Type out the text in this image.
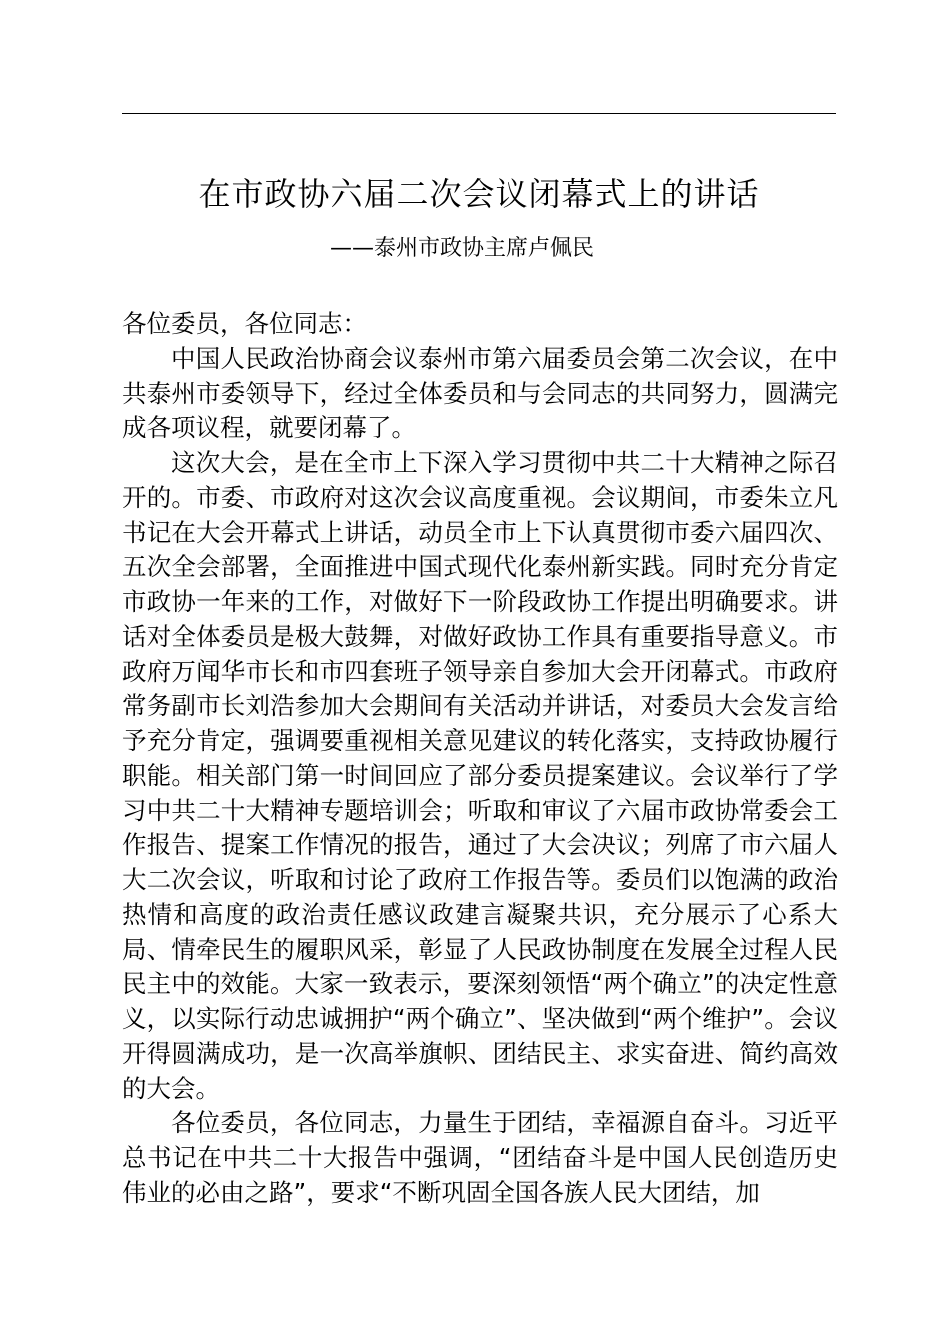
在市政协六届二次会议闭幕式上的讲话
——泰州市政协主席卢佩民

各位委员，各位同志：

中国人民政治协商会议泰州市第六届委员会第二次会议，在中共泰州市委领导下，经过全体委员和与会同志的共同努力，圆满完成各项议程，就要闭幕了。

这次大会，是在全市上下深入学习贯彻中共二十大精神之际召开的。市委、市政府对这次会议高度重视。会议期间，市委朱立凡书记在大会开幕式上讲话，动员全市上下认真贯彻市委六届四次、五次全会部署，全面推进中国式现代化泰州新实践。同时充分肯定市政协一年来的工作，对做好下一阶段政协工作提出明确要求。讲话对全体委员是极大鼓舞，对做好政协工作具有重要指导意义。市政府万闻华市长和市四套班子领导亲自参加大会开闭幕式。市政府常务副市长刘浩参加大会期间有关活动并讲话，对委员大会发言给予充分肯定，强调要重视相关意见建议的转化落实，支持政协履行职能。相关部门第一时间回应了部分委员提案建议。会议举行了学习中共二十大精神专题培训会；听取和审议了六届市政协常委会工作报告、提案工作情况的报告，通过了大会决议；列席了市六届人大二次会议，听取和讨论了政府工作报告等。委员们以饱满的政治热情和高度的政治责任感议政建言凝聚共识，充分展示了心系大局、情牵民生的履职风采，彰显了人民政协制度在发展全过程人民民主中的效能。大家一致表示，要深刻领悟“两个确立”的决定性意义，以实际行动忠诚拥护“两个确立”、坚决做到“两个维护”。会议开得圆满成功，是一次高举旗帜、团结民主、求实奋进、简约高效的大会。

各位委员，各位同志，力量生于团结，幸福源自奋斗。习近平总书记在中共二十大报告中强调，“团结奋斗是中国人民创造历史伟业的必由之路”，要求“不断巩固全国各族人民大团结，加
